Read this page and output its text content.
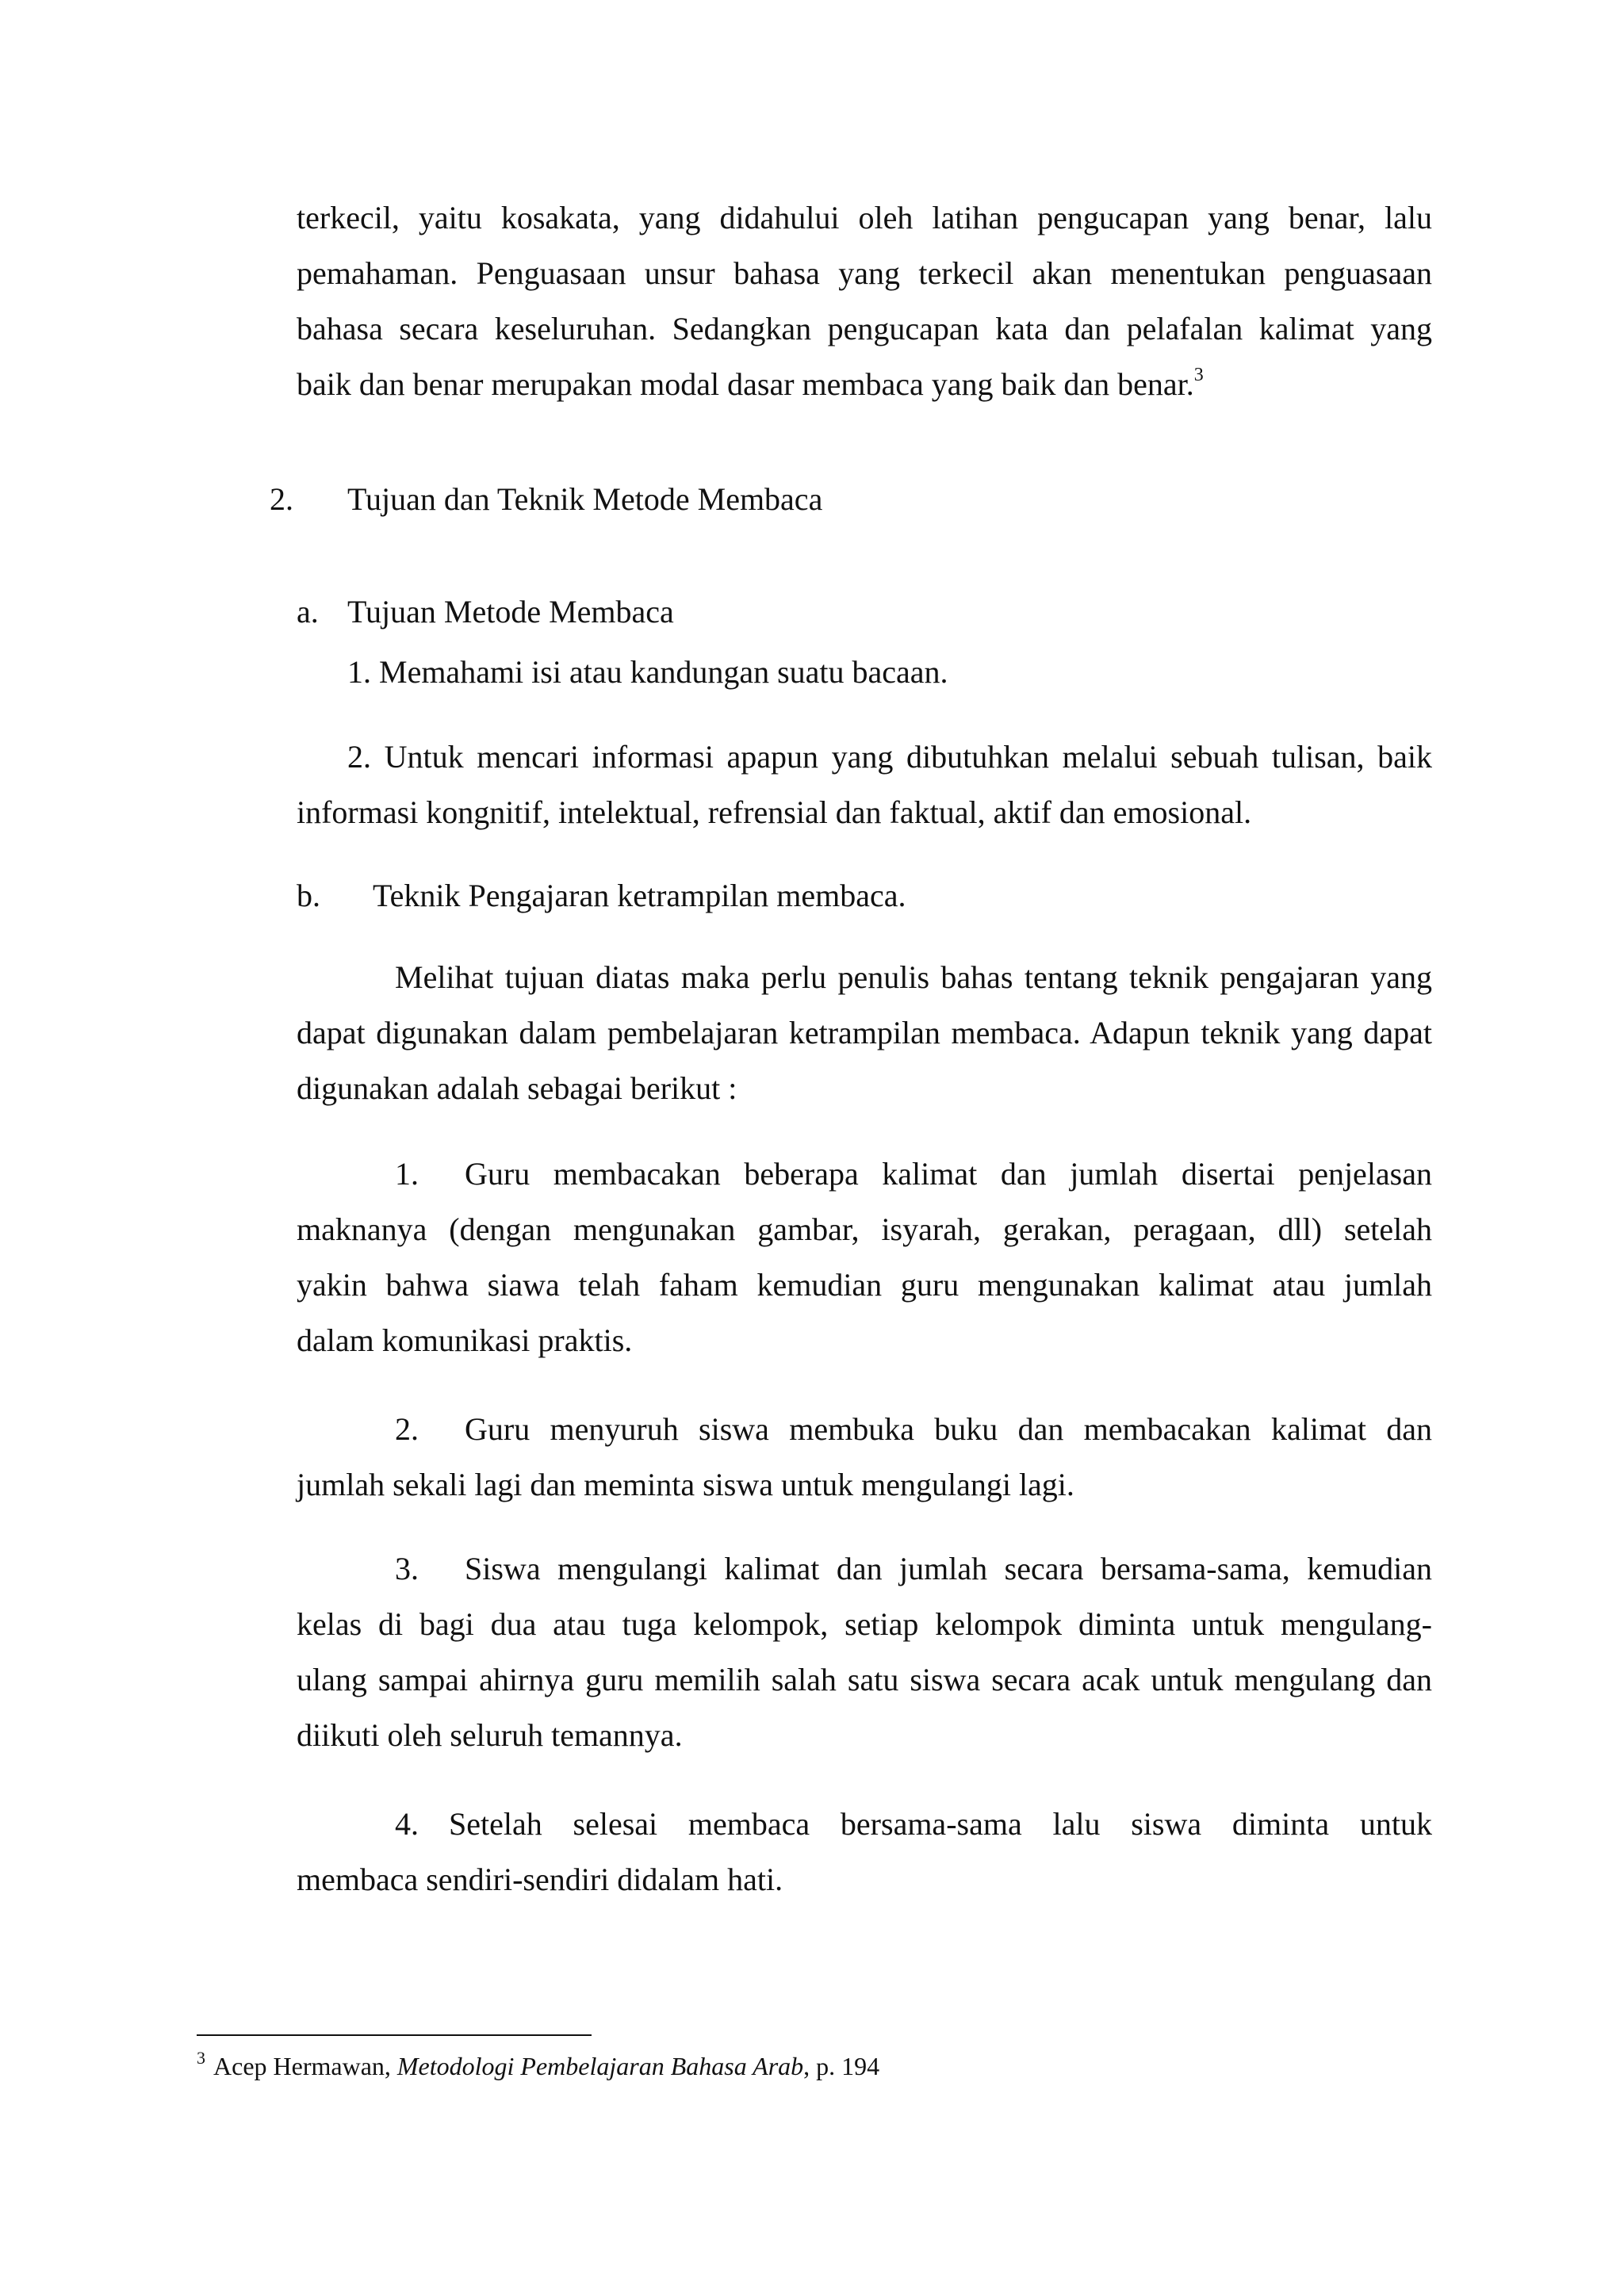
terkecil, yaitu kosakata, yang didahului oleh latihan pengucapan yang benar, lalu
pemahaman. Penguasaan unsur bahasa yang terkecil akan menentukan penguasaan
bahasa secara keseluruhan. Sedangkan pengucapan kata dan pelafalan kalimat yang
baik dan benar merupakan modal dasar membaca yang baik dan benar.$^3$
2. Tujuan dan Teknik Metode Membaca
a. Tujuan Metode Membaca
1. Memahami isi atau kandungan suatu bacaan.
2. Untuk mencari informasi apapun yang dibutuhkan melalui sebuah tulisan, baik
informasi kongnitif, intelektual, refrensial dan faktual, aktif dan emosional.
b. Teknik Pengajaran ketrampilan membaca.
Melihat tujuan diatas maka perlu penulis bahas tentang teknik pengajaran yang
dapat digunakan dalam pembelajaran ketrampilan membaca. Adapun teknik yang dapat
digunakan adalah sebagai berikut :
1.	Guru membacakan beberapa kalimat dan jumlah disertai penjelasan
maknanya (dengan mengunakan gambar, isyarah, gerakan, peragaan, dll) setelah
yakin bahwa siawa telah faham kemudian guru mengunakan kalimat atau jumlah
dalam komunikasi praktis.
2.	Guru menyuruh siswa membuka buku dan membacakan kalimat dan
jumlah sekali lagi dan meminta siswa untuk mengulangi lagi.
3.	Siswa mengulangi kalimat dan jumlah secara bersama-sama, kemudian
kelas di bagi dua atau tuga kelompok, setiap kelompok diminta untuk mengulang-
ulang sampai ahirnya guru memilih salah satu siswa secara acak untuk mengulang dan
diikuti oleh seluruh temannya.
4. Setelah selesai membaca bersama-sama lalu siswa diminta untuk
membaca sendiri-sendiri didalam hati.
$^3$ Acep Hermawan, Metodologi Pembelajaran Bahasa Arab, p. 194
